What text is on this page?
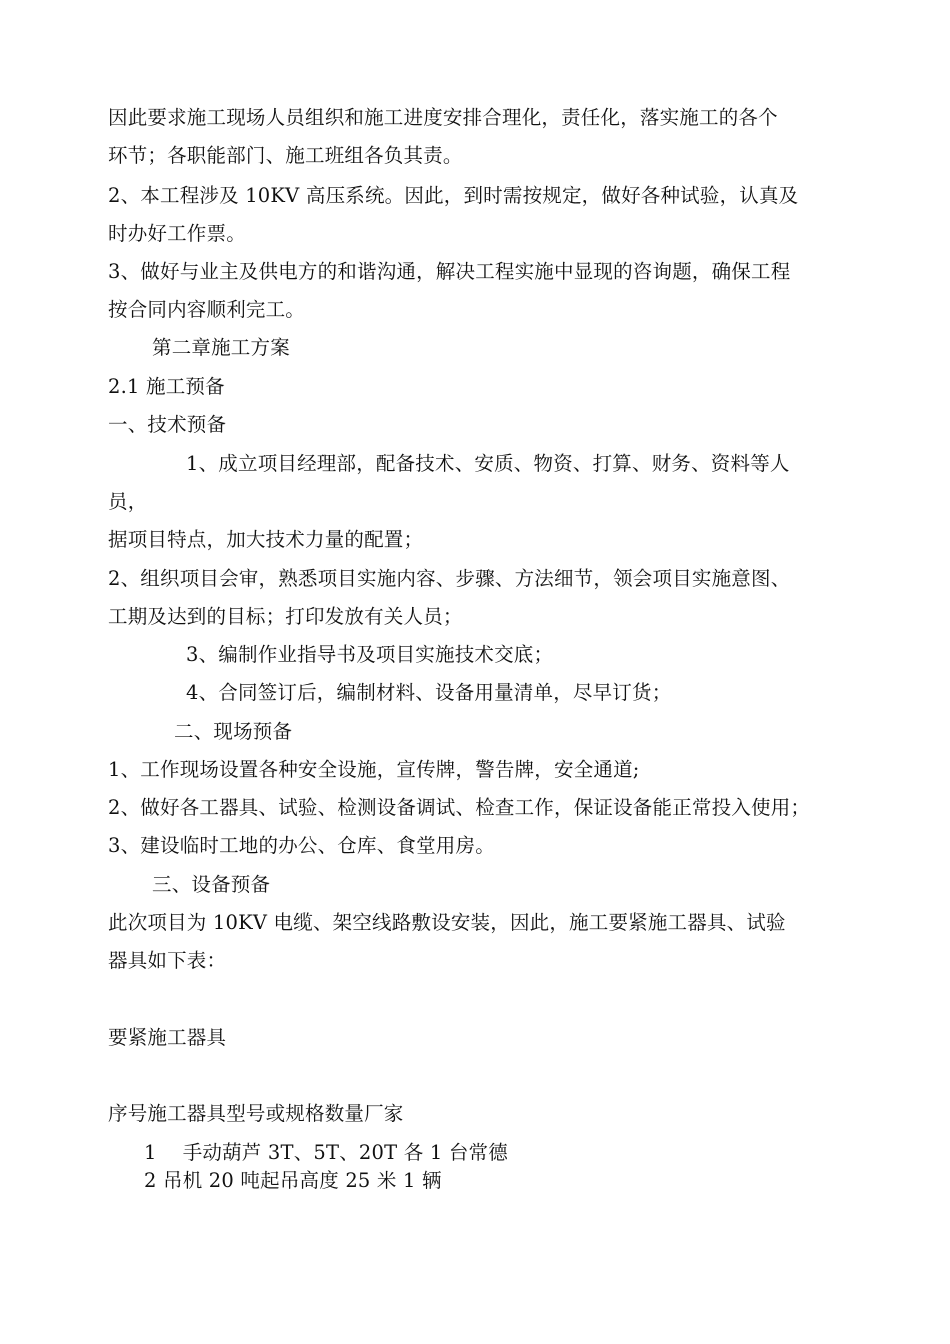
因此要求施工现场人员组织和施工进度安排合理化，责任化，落实施工的各个
环节；各职能部门、施工班组各负其责。
2、本工程涉及 10KV 高压系统。因此，到时需按规定，做好各种试验，认真及
时办好工作票。
3、做好与业主及供电方的和谐沟通，解决工程实施中显现的咨询题，确保工程
按合同内容顺利完工。
第二章施工方案
2.1 施工预备
一、技术预备
1、成立项目经理部，配备技术、安质、物资、打算、财务、资料等人
员，
据项目特点，加大技术力量的配置；
2、组织项目会审，熟悉项目实施内容、步骤、方法细节，领会项目实施意图、
工期及达到的目标；打印发放有关人员；
3、编制作业指导书及项目实施技术交底；
4、合同签订后，编制材料、设备用量清单，尽早订货；
二、现场预备
1、工作现场设置各种安全设施，宣传牌，警告牌，安全通道;
2、做好各工器具、试验、检测设备调试、检查工作，保证设备能正常投入使用；
3、建设临时工地的办公、仓库、食堂用房。
三、设备预备
此次项目为 10KV 电缆、架空线路敷设安装，因此，施工要紧施工器具、试验
器具如下表：
要紧施工器具
序号施工器具型号或规格数量厂家
1　 手动葫芦 3T、5T、20T 各 1 台常德
2 吊机 20 吨起吊高度 25 米 1 辆
